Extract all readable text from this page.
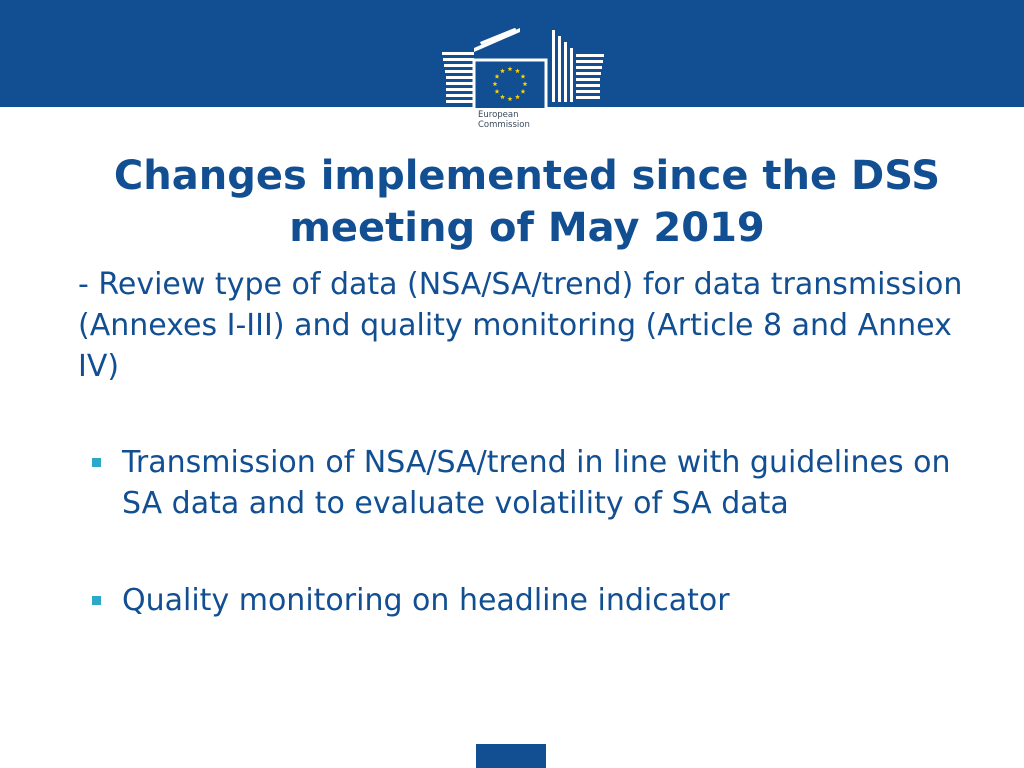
European
Commission
Changes implemented since the DSS
meeting of May 2019

- Review type of data (NSA/SA/trend) for data transmission (Annexes I-III) and quality monitoring (Article 8 and Annex IV)

Transmission of NSA/SA/trend in line with guidelines on SA data and to evaluate volatility of SA data
Quality monitoring on headline indicator
